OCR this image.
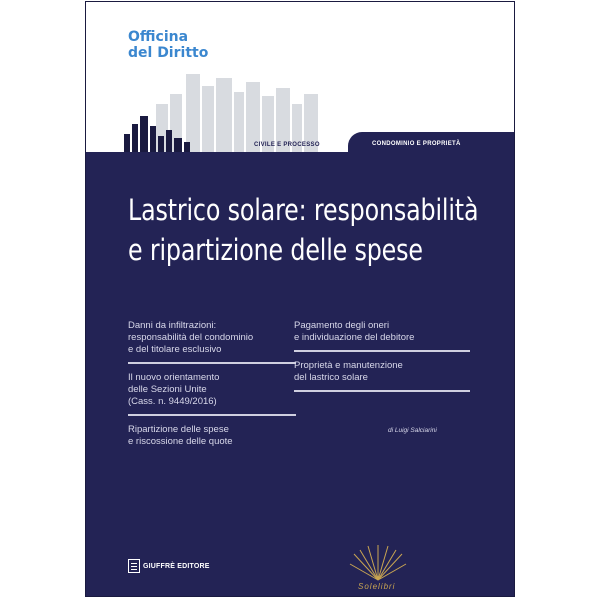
Officina
del Diritto
CIVILE E PROCESSO	CONDOMINIO E PROPRIETÀ
Lastrico solare: responsabilità
e ripartizione delle spese
Danni da infiltrazioni:
responsabilità del condominio
e del titolare esclusivo
Il nuovo orientamento
delle Sezioni Unite
(Cass. n. 9449/2016)
Ripartizione delle spese
e riscossione delle quote
Pagamento degli oneri
e individuazione del debitore
Proprietà e manutenzione
del lastrico solare
di Luigi Salciarini
GIUFFRÈ EDITORE
Solelibri
